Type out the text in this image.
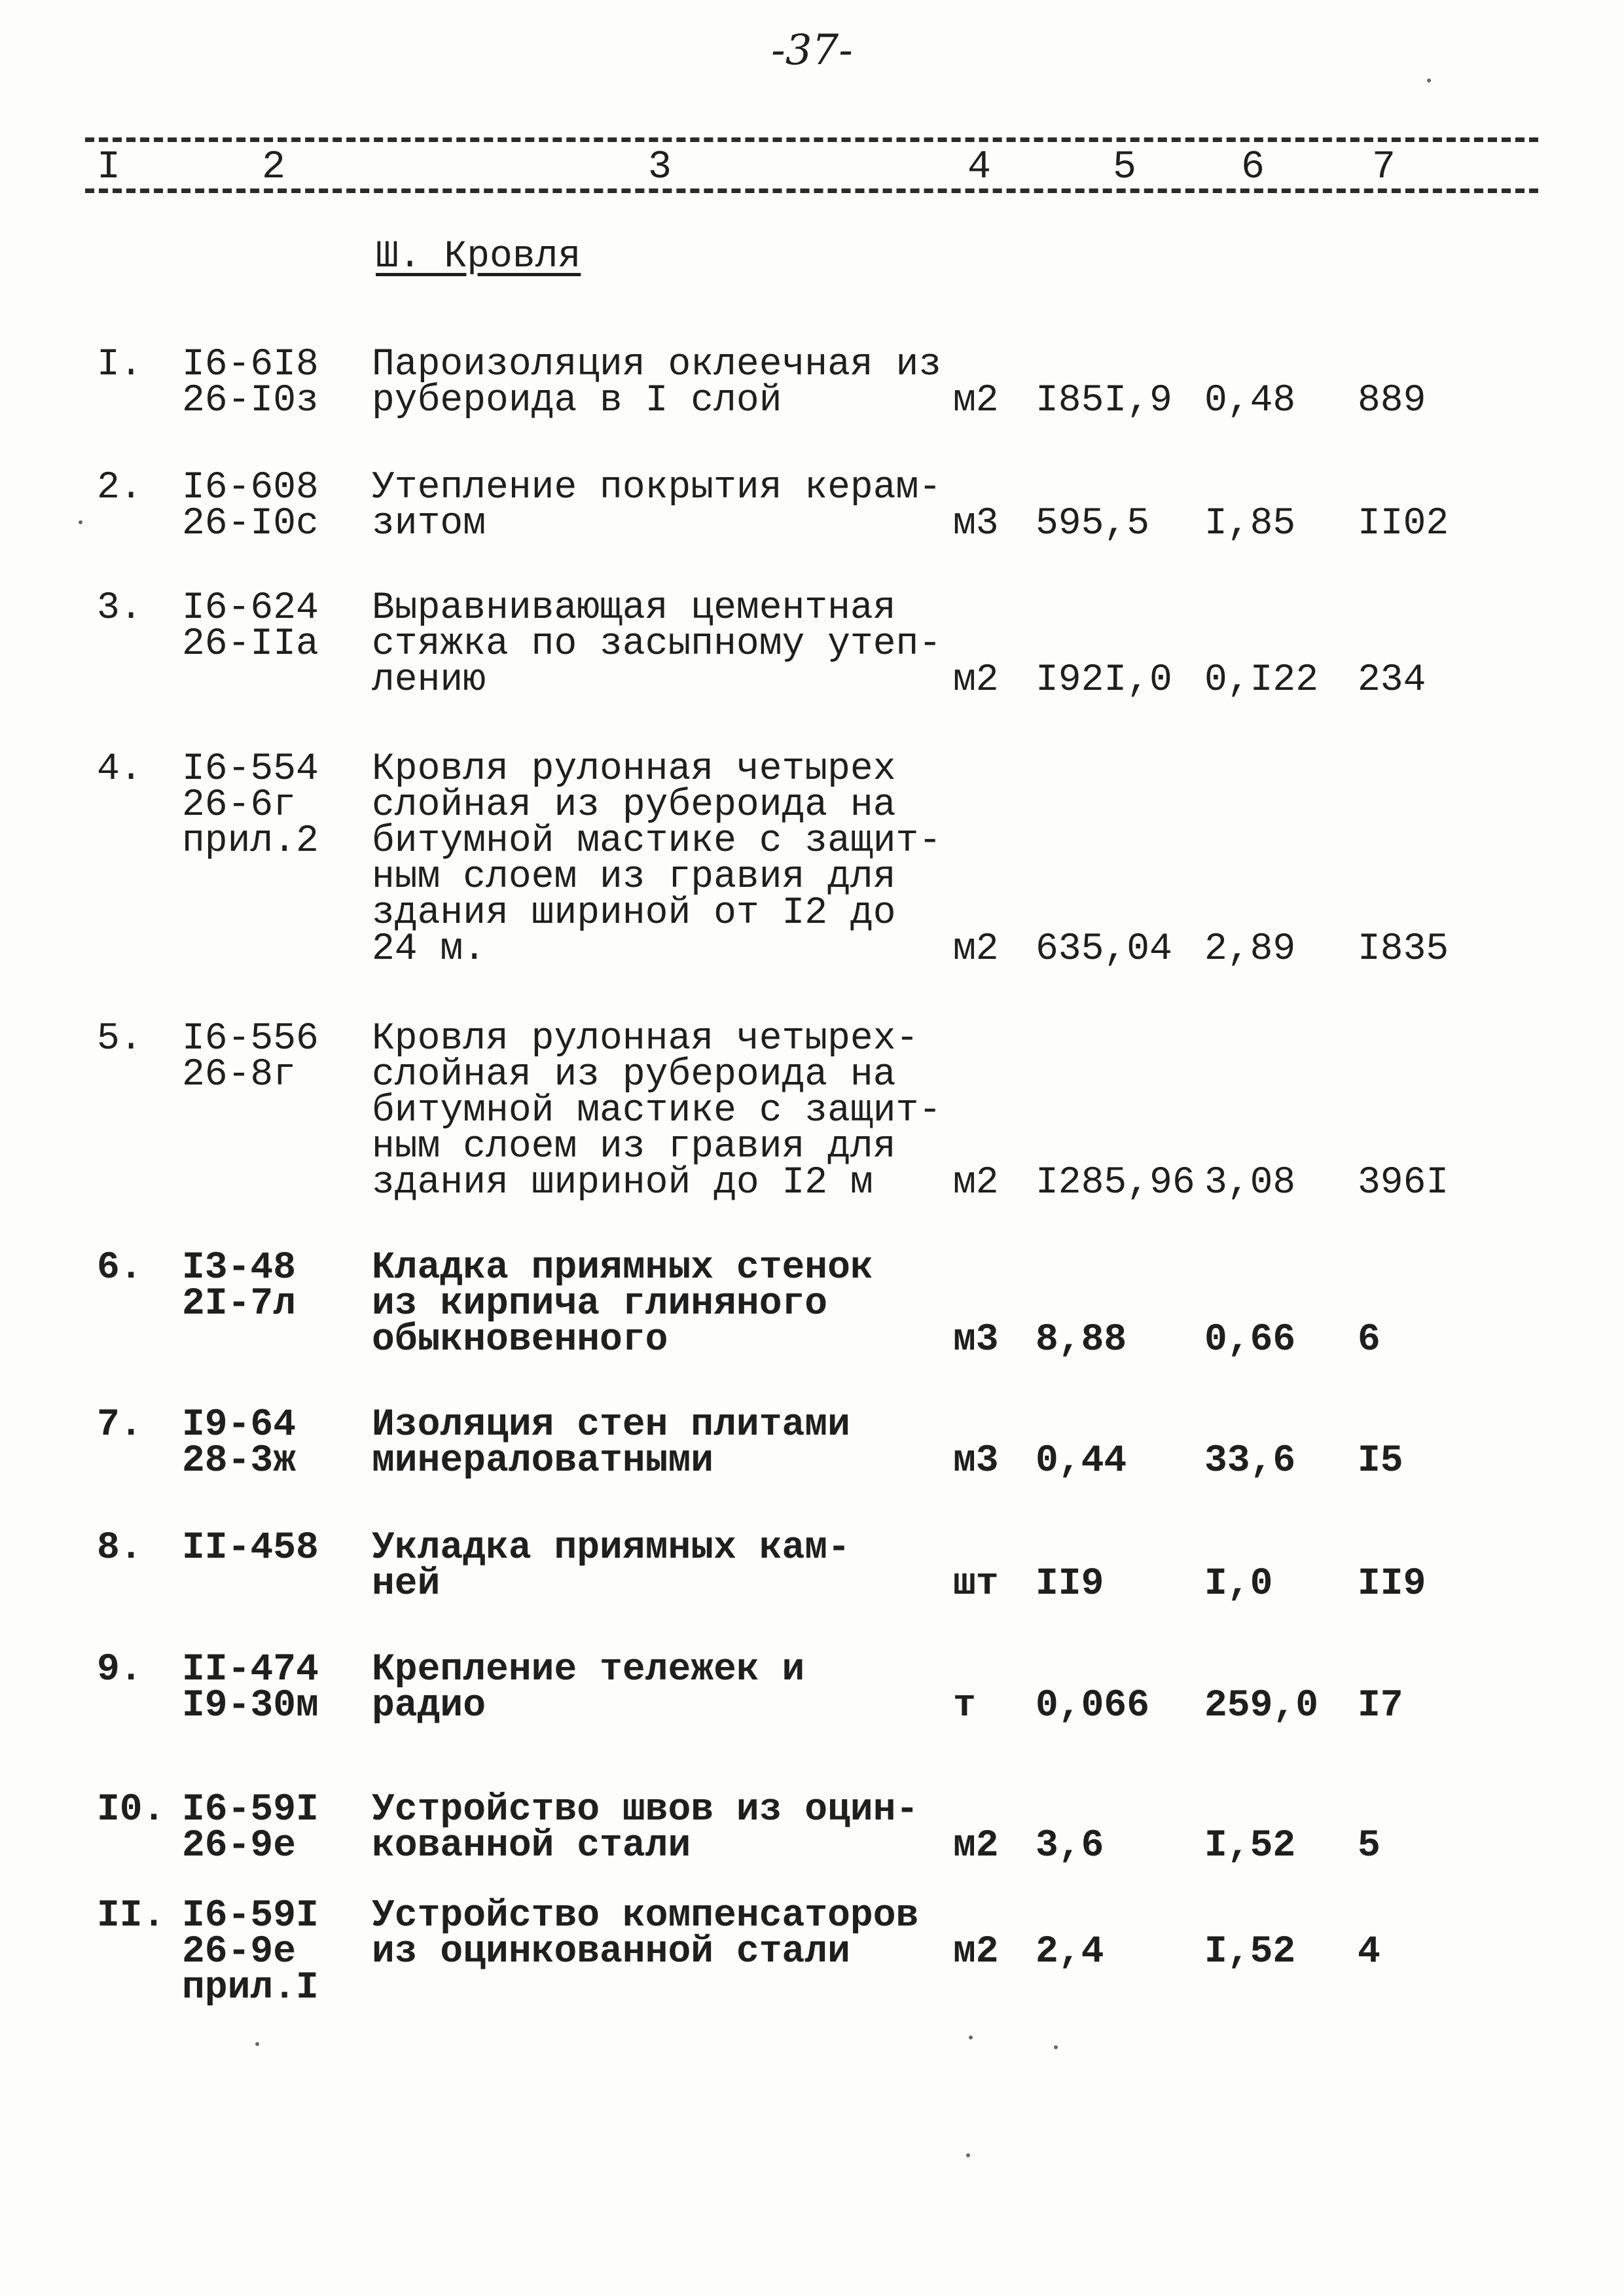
-37-
I	2	3	4	5	6	7
Ш. Кровля
I. I6-6I8
26-I0з
Пароизоляция оклеечная из
рубероида в I слой	м2 I85I,9 0,48 889
2. I6-608
26-I0с
Утепление покрытия керам-
зитом	м3 595,5 I,85 II02
3. I6-624
26-IIа
Выравнивающая цементная
стяжка по засыпному утеп-
лению	м2 I92I,0 0,I22 234
4. I6-554
26-6г
прил.2
Кровля рулонная четырех
слойная из рубероида на
битумной мастике с защит-
ным слоем из гравия для
здания шириной от I2 до
24 м.	м2 635,04 2,89 I835
5. I6-556
26-8г
Кровля рулонная четырех-
слойная из рубероида на
битумной мастике с защит-
ным слоем из гравия для
здания шириной до I2 м	м2 I285,96 3,08 396I
6. I3-48
2I-7л
Кладка приямных стенок
из кирпича глиняного
обыкновенного	м3 8,88 0,66 6
7. I9-64
28-3ж
Изоляция стен плитами
минераловатными	м3 0,44 33,6 I5
8. II-458 Укладка приямных кам-
ней	шт II9	I,0 II9
9. II-474
I9-30м
Крепление тележек и
радио	т 0,066 259,0 I7
I0. I6-59I
26-9е
Устройство швов из оцин-
кованной стали	м2 3,6	I,52 5
II. I6-59I
26-9е
прил.I
Устройство компенсаторов
из оцинкованной стали	м2 2,4	I,52 4
